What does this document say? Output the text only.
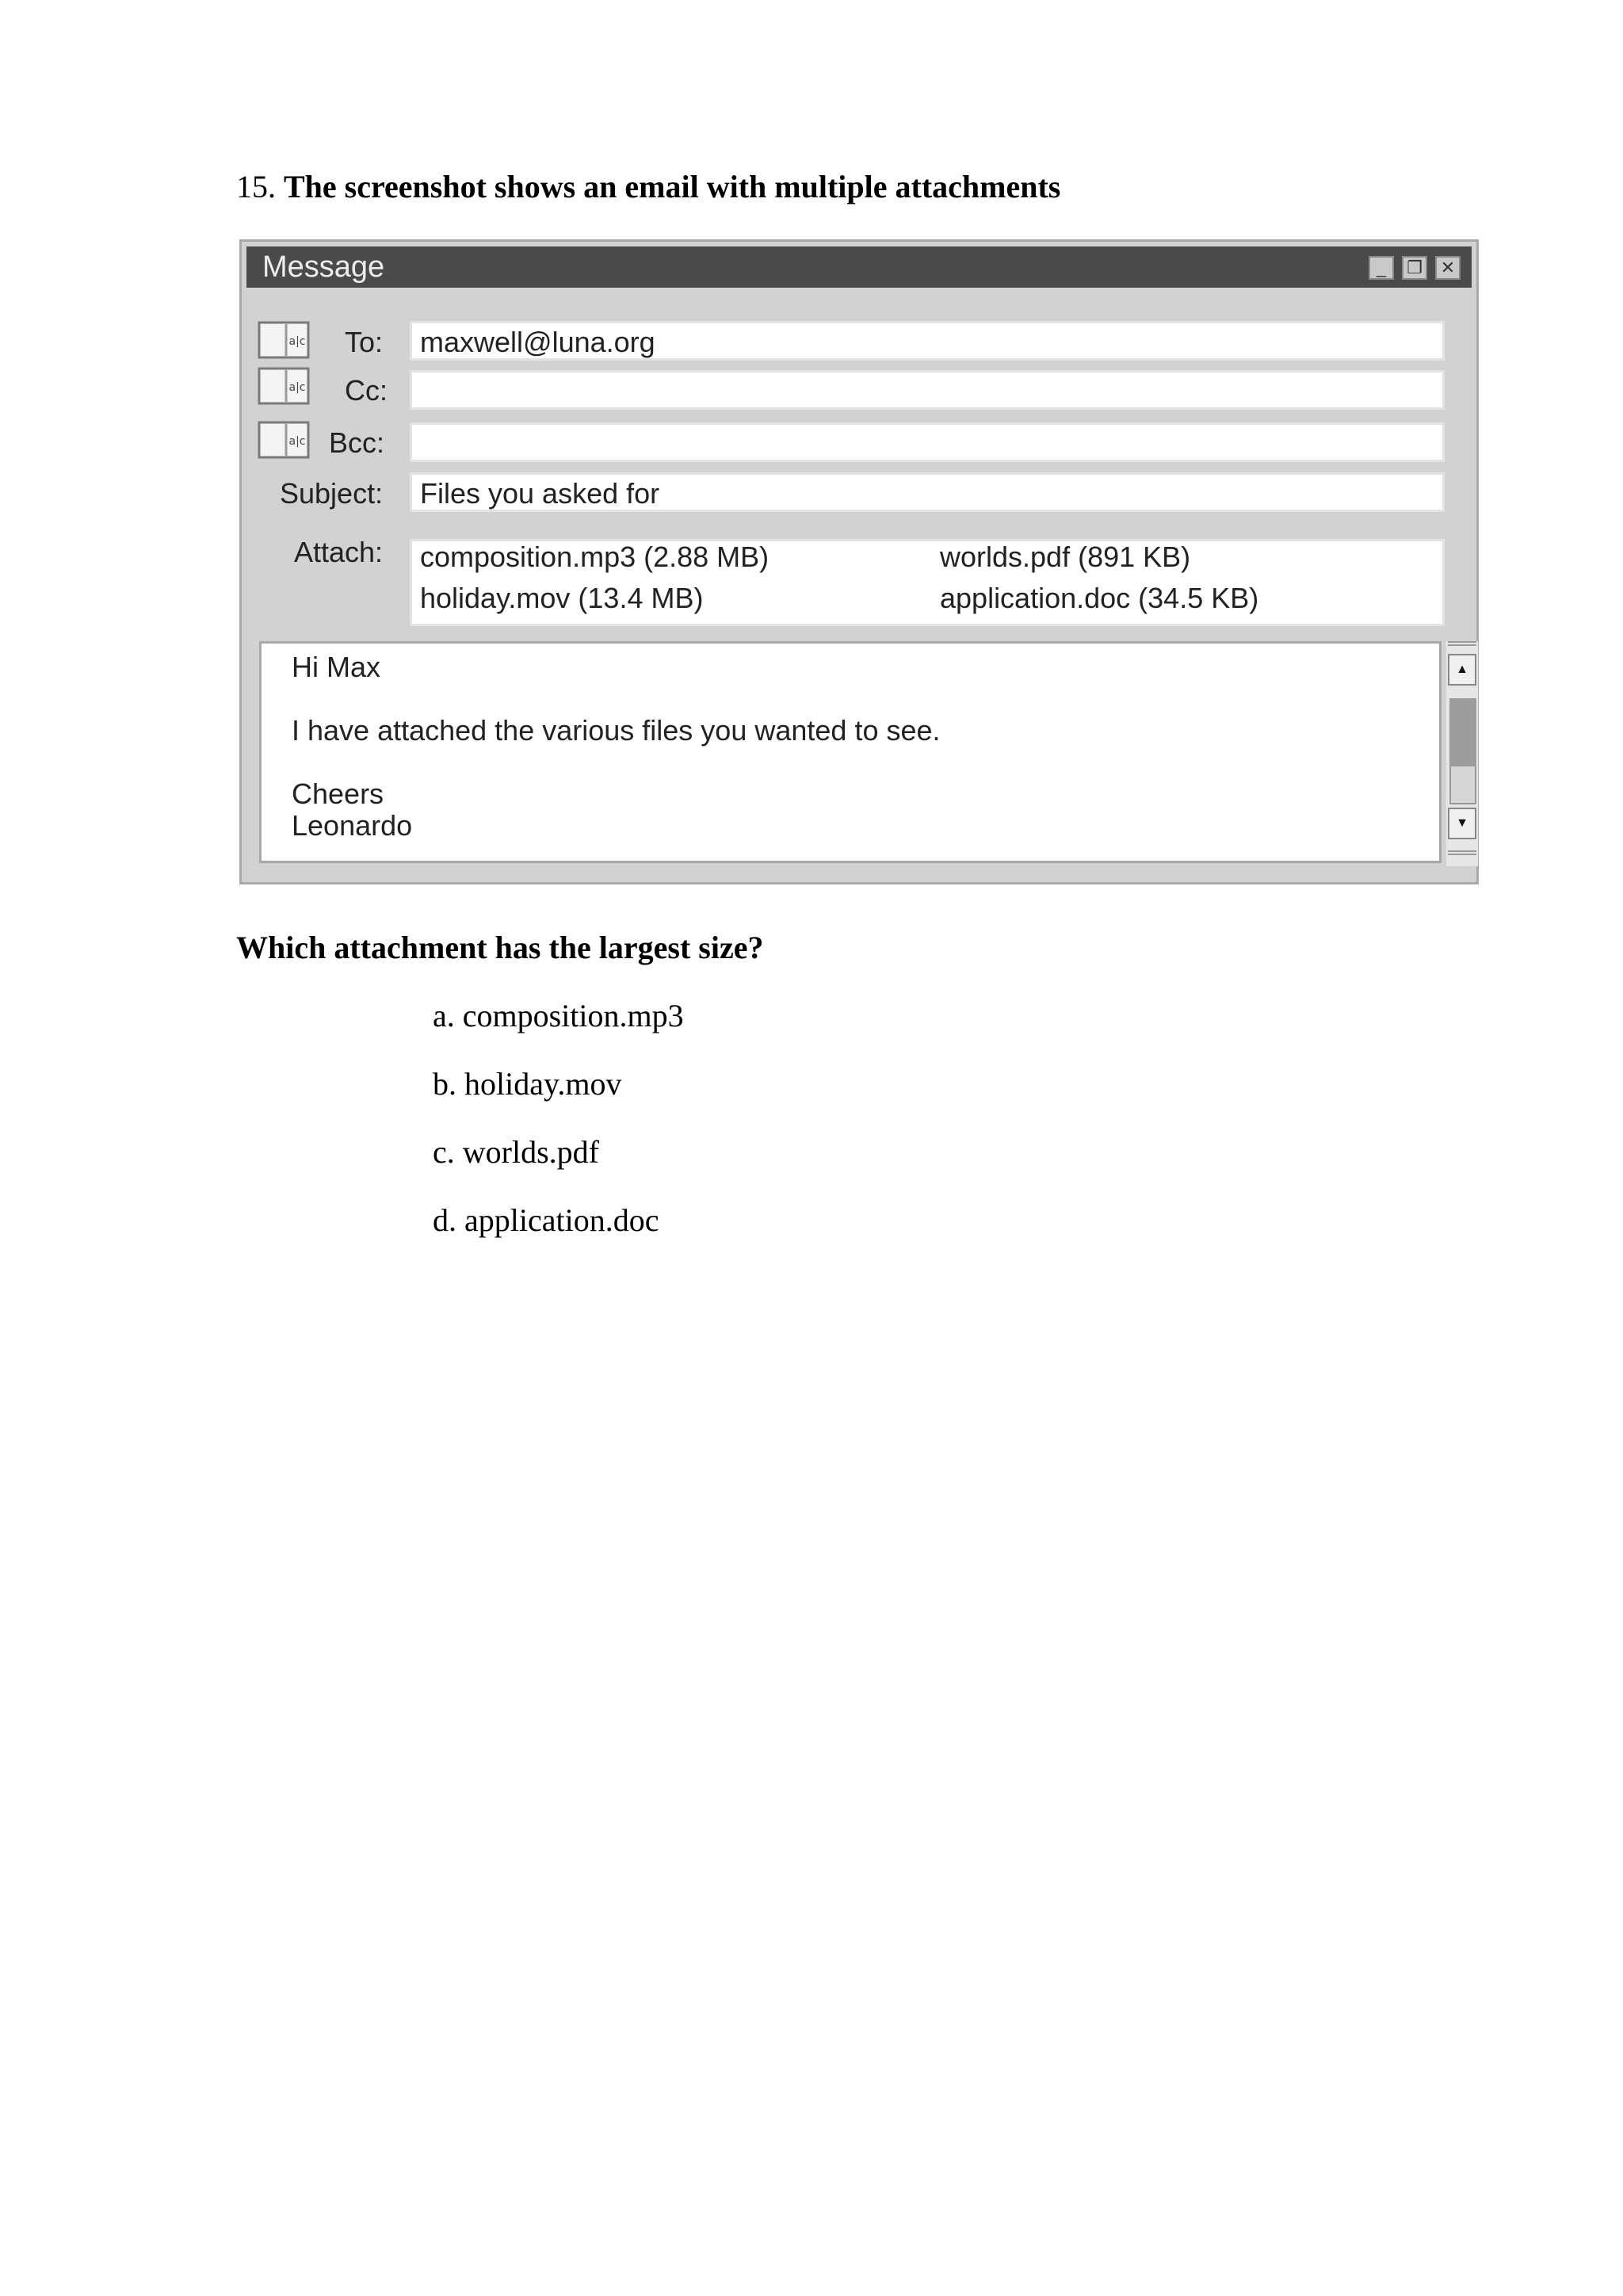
15. The screenshot shows an email with multiple attachments
Message	_	❐	✕
a|c To: maxwell@luna.org
a|c Cc:
a|c Bcc:
Subject: Files you asked for
Attach: composition.mp3 (2.88 MB)	worlds.pdf (891 KB)
holiday.mov (13.4 MB)	application.doc (34.5 KB)
Hi Max
I have attached the various files you wanted to see.
Cheers
Leonardo
▲
▼
Which attachment has the largest size?
a. composition.mp3
b. holiday.mov
c. worlds.pdf
d. application.doc
